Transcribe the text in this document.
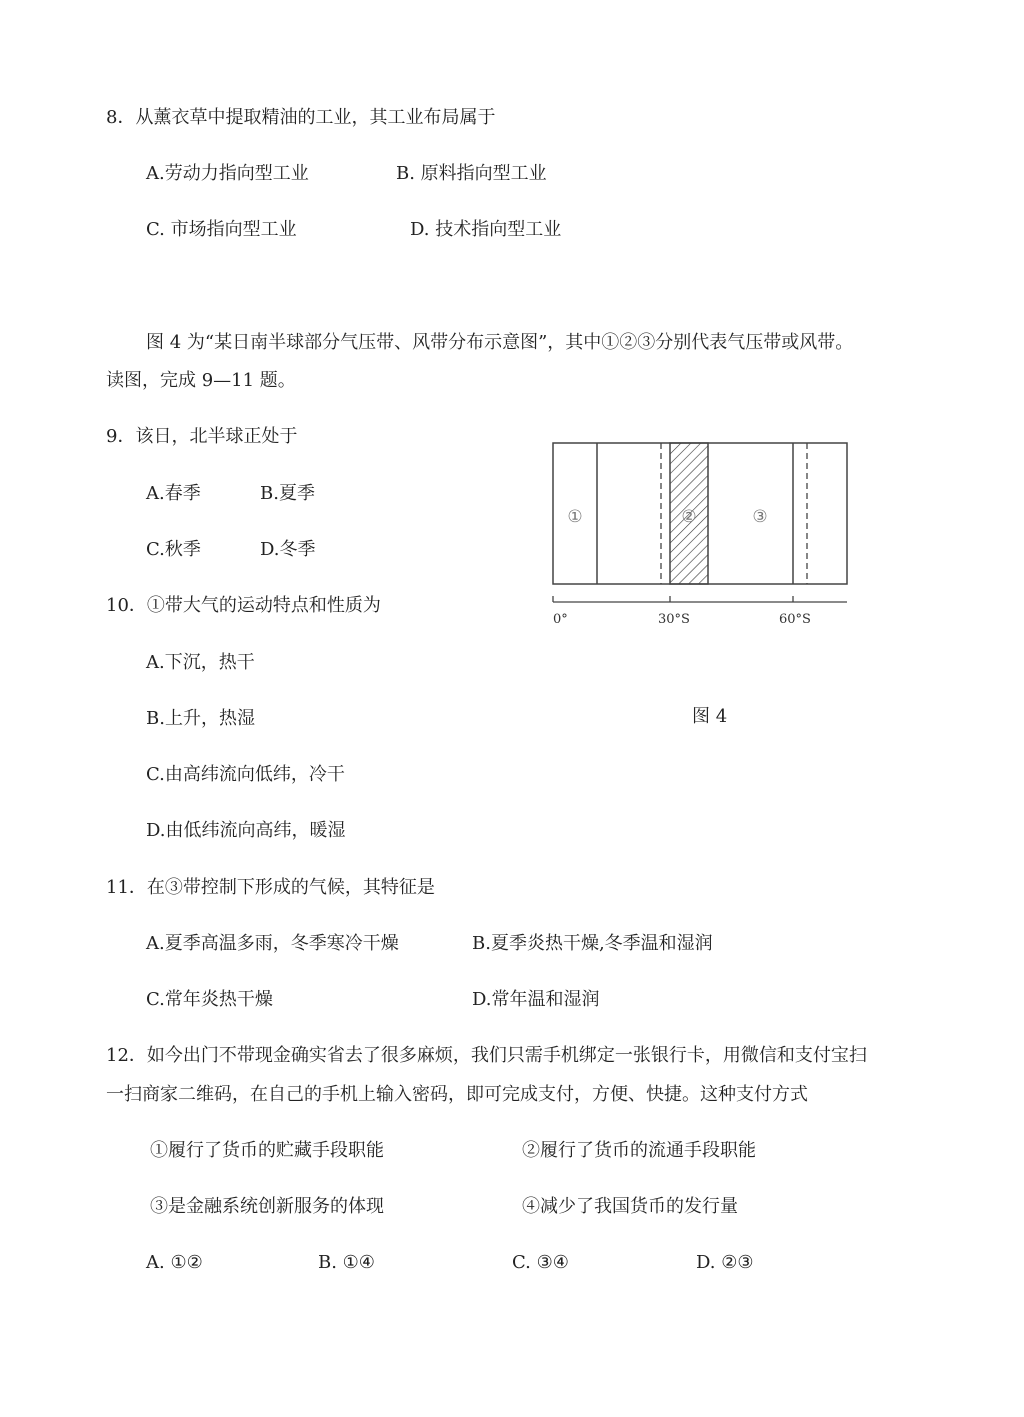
8．从薰衣草中提取精油的工业，其工业布局属于
A.劳动力指向型工业	B. 原料指向型工业
C. 市场指向型工业	D. 技术指向型工业
图 4 为“某日南半球部分气压带、风带分布示意图”，其中①②③分别代表气压带或风带。
读图，完成 9—11 题。
9．该日，北半球正处于
A.春季	B.夏季
C.秋季	D.冬季
10．①带大气的运动特点和性质为
A.下沉，热干
B.上升，热湿
C.由高纬流向低纬，冷干
D.由低纬流向高纬，暖湿
11．在③带控制下形成的气候，其特征是
A.夏季高温多雨，冬季寒冷干燥	B.夏季炎热干燥,冬季温和湿润
C.常年炎热干燥	D.常年温和湿润
12．如今出门不带现金确实省去了很多麻烦，我们只需手机绑定一张银行卡，用微信和支付宝扫
一扫商家二维码，在自己的手机上输入密码，即可完成支付，方便、快捷。这种支付方式
①履行了货币的贮藏手段职能	②履行了货币的流通手段职能
③是金融系统创新服务的体现	④减少了我国货币的发行量
A. ①②	B. ①④	C. ③④	D. ②③
①	②	③
0°	30°S	60°S
图 4
